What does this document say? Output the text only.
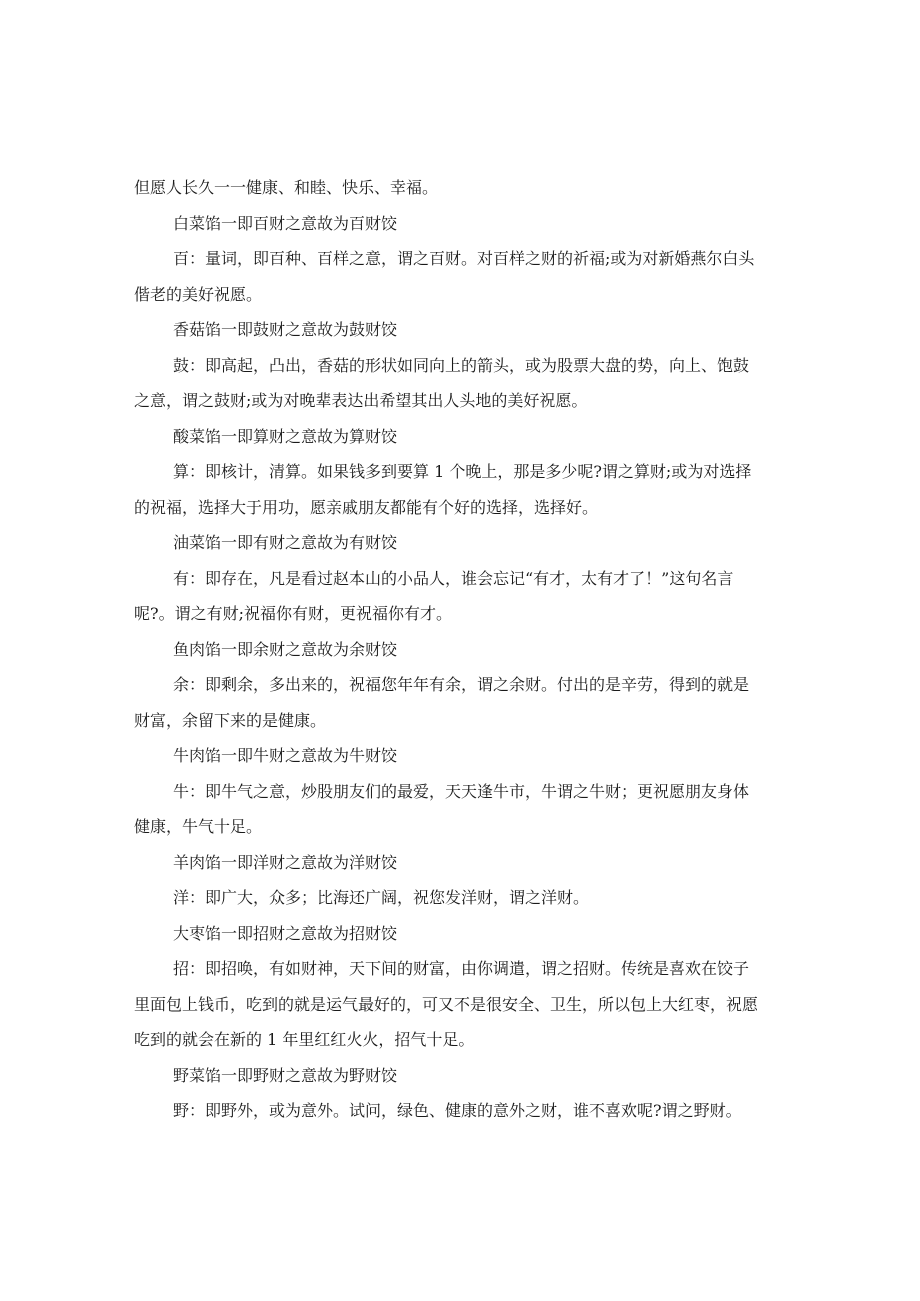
但愿人长久一一健康、和睦、快乐、幸福。
白菜馅一即百财之意故为百财饺
百：量词，即百种、百样之意，谓之百财。对百样之财的祈福;或为对新婚燕尔白头
偕老的美好祝愿。
香菇馅一即鼓财之意故为鼓财饺
鼓：即高起，凸出，香菇的形状如同向上的箭头，或为股票大盘的势，向上、饱鼓
之意，谓之鼓财;或为对晚辈表达出希望其出人头地的美好祝愿。
酸菜馅一即算财之意故为算财饺
算：即核计，清算。如果钱多到要算 1 个晚上，那是多少呢?谓之算财;或为对选择
的祝福，选择大于用功，愿亲戚朋友都能有个好的选择，选择好。
油菜馅一即有财之意故为有财饺
有：即存在，凡是看过赵本山的小品人，谁会忘记“有才，太有才了！”这句名言
呢?。谓之有财;祝福你有财，更祝福你有才。
鱼肉馅一即余财之意故为余财饺
余：即剩余，多出来的，祝福您年年有余，谓之余财。付出的是辛劳，得到的就是
财富，余留下来的是健康。
牛肉馅一即牛财之意故为牛财饺
牛：即牛气之意，炒股朋友们的最爱，天天逢牛市，牛谓之牛财；更祝愿朋友身体
健康，牛气十足。
羊肉馅一即洋财之意故为洋财饺
洋：即广大，众多；比海还广阔，祝您发洋财，谓之洋财。
大枣馅一即招财之意故为招财饺
招：即招唤，有如财神，天下间的财富，由你调遣，谓之招财。传统是喜欢在饺子
里面包上钱币，吃到的就是运气最好的，可又不是很安全、卫生，所以包上大红枣，祝愿
吃到的就会在新的 1 年里红红火火，招气十足。
野菜馅一即野财之意故为野财饺
野：即野外，或为意外。试问，绿色、健康的意外之财，谁不喜欢呢?谓之野财。
